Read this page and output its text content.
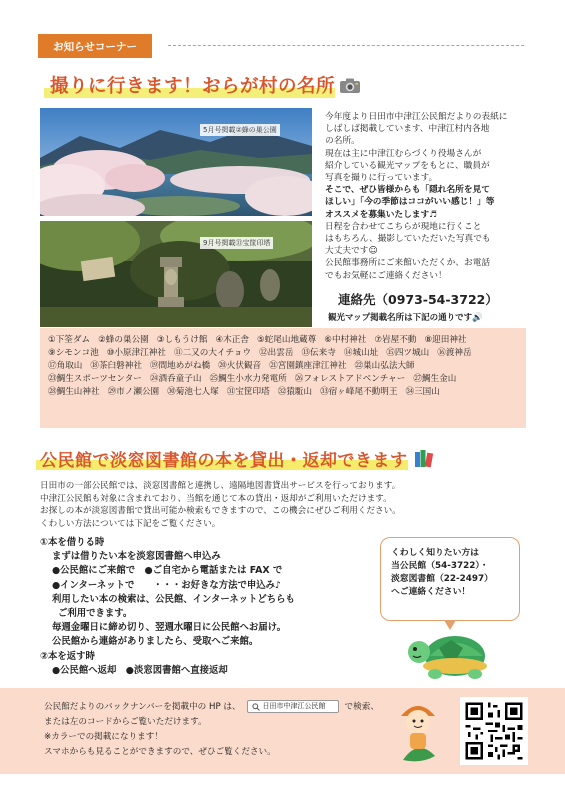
お知らせコーナー
撮りに行きます！おらが村の名所
5月号掲載②蜂の巣公園
9月号掲載㉛宝筐印塔

今年度より日田市中津江公民館だよりの表紙に

しばしば掲載しています、中津江村内各地

の名所。

現在は主に中津江むらづくり役場さんが

紹介している観光マップをもとに、職員が

写真を撮りに行っています。

そこで、ぜひ皆様からも「隠れ名所を見て

ほしい」「今の季節はココがいい感じ！」等

オススメを募集いたします♬

日程を合わせてこちらが現地に行くこと

はもちろん、撮影していただいた写真でも

大丈夫です☺

公民館事務所にご来館いただくか、お電話

でもお気軽にご連絡ください！

連絡先（0973-54-3722）
観光マップ掲載名所は下記の通りです🔊
①下筌ダム ②蜂の巣公園 ③しもうけ館 ④木正舎 ⑤蛇尾山地蔵尊 ⑥中村神社 ⑦岩屋不動 ⑧迎田神社
⑨シモンコ池 ⑩小原津江神社 ⑪二又の大イチョウ ⑫出雲岳 ⑬伝来寺 ⑭城山址 ⑮四ツ城山 ⑯渡神岳
⑰角取山 ⑱茶臼磐神社 ⑲間地めがね橋 ⑳火伏観音 ㉑宮園鎮座津江神社 ㉒巣山弘法大師
㉓鯛生スポーツセンター ㉔酒呑童子山 ㉕鯛生小水力発電所 ㉖フォレストアドベンチャー ㉗鯛生金山
㉘鯛生山神社 ㉙市ノ瀬公園 ㉚菊池七人塚 ㉛宝筐印塔 ㉜猿駈山 ㉝宿ヶ峰尾不動明王 ㉞三国山
公民館で淡窓図書館の本を貸出・返却できます
日田市の一部公民館では、淡窓図書館と連携し、遠隔地図書貸出サービスを行っております。
中津江公民館も対象に含まれており、当館を通じて本の貸出・返却がご利用いただけます。
お探しの本が淡窓図書館で貸出可能か検索もできますので、この機会にぜひご利用ください。
くわしい方法については下記をご覧ください。
①本を借りる時
まずは借りたい本を淡窓図書館へ申込み
●公民館にご来館で　●ご自宅から電話または FAX で
●インターネットで　　・・・お好きな方法で申込み♪
利用したい本の検索は、公民館、インターネットどちらも
ご利用できます。
毎週金曜日に締め切り、翌週水曜日に公民館へお届け。
公民館から連絡がありましたら、受取へご来館。
②本を返す時
●公民館へ返却　●淡窓図書館へ直接返却
くわしく知りたい方は
当公民館（54-3722）・
淡窓図書館（22-2497）
へご連絡ください！
公民館だよりのバックナンバーを掲載中の HP は、	日田市中津江公民館 で検索、
または左のコードからご覧いただけます。
※カラーでの掲載になります！
スマホからも見ることができますので、ぜひご覧ください。
